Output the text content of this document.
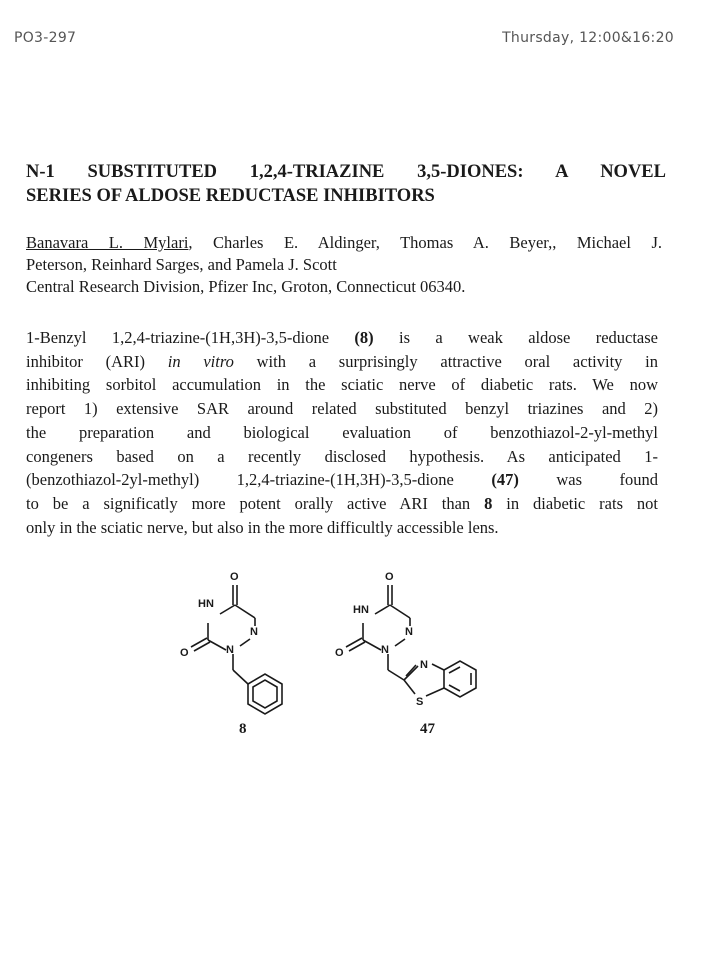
PO3-297	Thursday, 12:00&16:20
N-1 SUBSTITUTED 1,2,4-TRIAZINE 3,5-DIONES: A NOVEL
SERIES OF ALDOSE REDUCTASE INHIBITORS
Banavara L. Mylari, Charles E. Aldinger, Thomas A. Beyer,, Michael J.
Peterson, Reinhard Sarges, and Pamela J. Scott
Central Research Division, Pfizer Inc, Groton, Connecticut 06340.
1-Benzyl 1,2,4-triazine-(1H,3H)-3,5-dione (8) is a weak aldose reductase
inhibitor (ARI) in vitro with a surprisingly attractive oral activity in
inhibiting sorbitol accumulation in the sciatic nerve of diabetic rats. We now
report 1) extensive SAR around related substituted benzyl triazines and 2)
the preparation and biological evaluation of benzothiazol-2-yl-methyl
congeners based on a recently disclosed hypothesis. As anticipated 1-
(benzothiazol-2yl-methyl) 1,2,4-triazine-(1H,3H)-3,5-dione (47) was found
to be a significatly more potent orally active ARI than 8 in diabetic rats not
only in the sciatic nerve, but also in the more difficultly accessible lens.
O
HN
N
N
O
O
HN
N
N
O
N
S
8	47
